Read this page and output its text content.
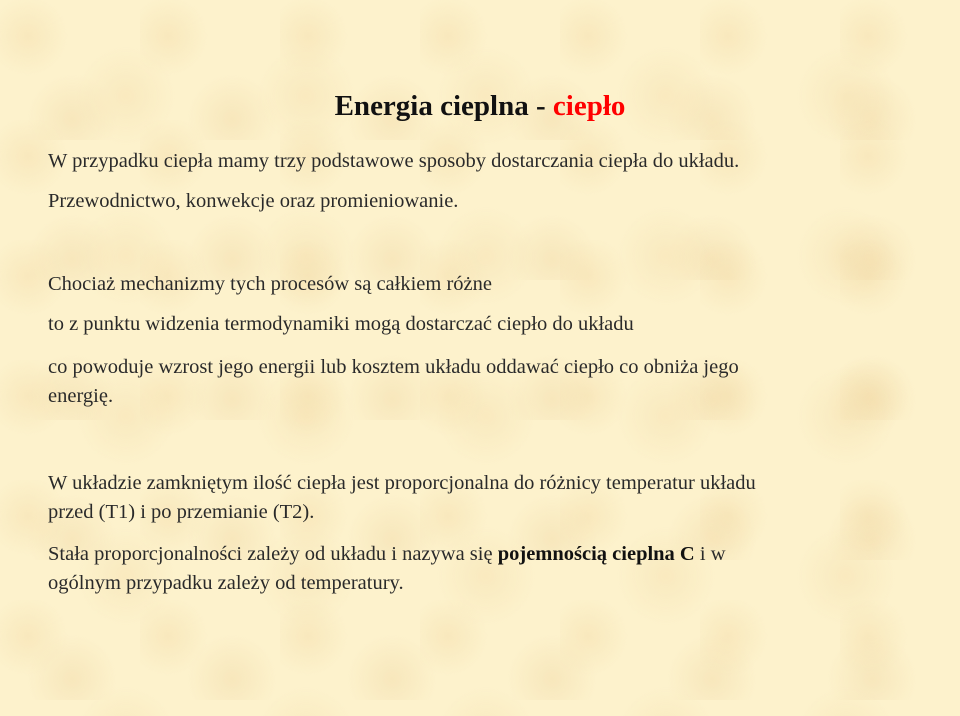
Energia cieplna - ciepło
W przypadku ciepła mamy trzy podstawowe sposoby dostarczania ciepła do układu.
Przewodnictwo, konwekcje oraz promieniowanie.
Chociaż mechanizmy tych procesów są całkiem różne
to z punktu widzenia termodynamiki mogą dostarczać ciepło do układu
co powoduje wzrost jego energii lub kosztem układu oddawać ciepło co obniża jego
energię.
W układzie zamkniętym ilość ciepła jest proporcjonalna do różnicy temperatur układu
przed (T1) i po przemianie (T2).
Stała proporcjonalności zależy od układu i nazywa się pojemnością cieplna C i w
ogólnym przypadku zależy od temperatury.
